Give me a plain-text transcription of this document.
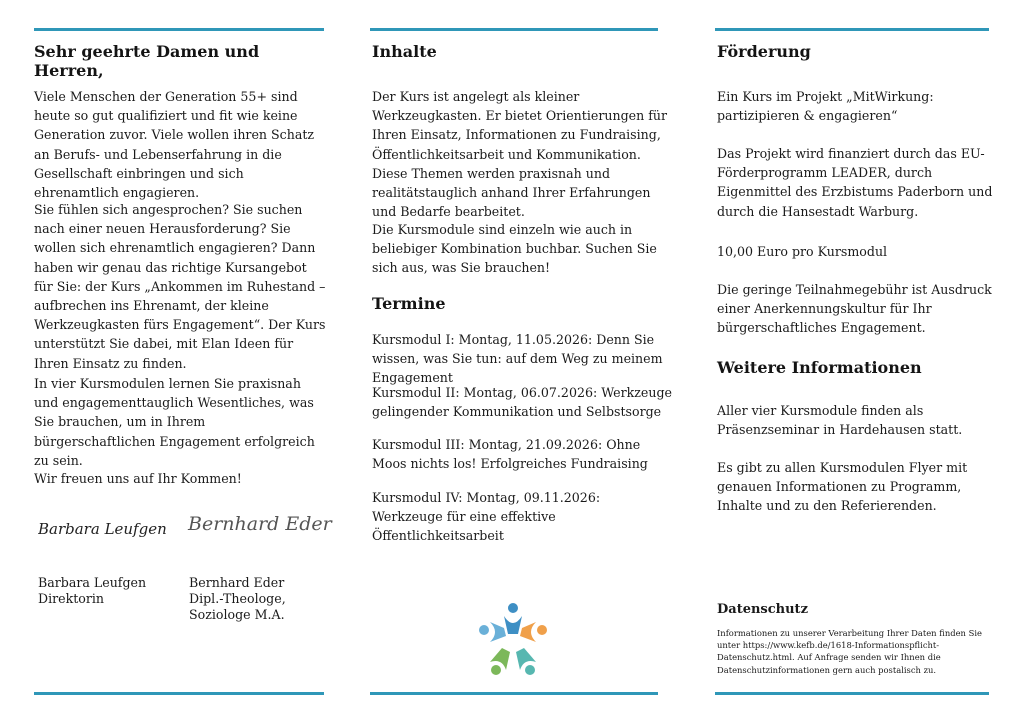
Sehr geehrte Damen und Herren,

Viele Menschen der Generation 55+ sind heute so gut qualifiziert und fit wie keine Generation zuvor. Viele wollen ihren Schatz an Berufs- und Lebenserfahrung in die Gesellschaft einbringen und sich ehrenamtlich engagieren.

Sie fühlen sich angesprochen? Sie suchen nach einer neuen Herausforderung? Sie wollen sich ehrenamtlich engagieren? Dann haben wir genau das richtige Kursangebot für Sie: der Kurs „Ankommen im Ruhestand – aufbrechen ins Ehrenamt, der kleine Werkzeugkasten fürs Engagement“. Der Kurs unterstützt Sie dabei, mit Elan Ideen für Ihren Einsatz zu finden.

In vier Kursmodulen lernen Sie praxisnah und engagementtauglich Wesentliches, was Sie brauchen, um in Ihrem bürgerschaftlichen Engagement erfolgreich zu sein.

Wir freuen uns auf Ihr Kommen!

Barbara Leufgen Bernhard Eder
Barbara Leufgen
Direktorin
Bernhard Eder
Dipl.-Theologe,
Soziologe M.A.
Inhalte

Der Kurs ist angelegt als kleiner Werkzeugkasten. Er bietet Orientierungen für Ihren Einsatz, Informationen zu Fundraising, Öffentlichkeitsarbeit und Kommunikation. Diese Themen werden praxisnah und realitätstauglich anhand Ihrer Erfahrungen und Bedarfe bearbeitet.

Die Kursmodule sind einzeln wie auch in beliebiger Kombination buchbar. Suchen Sie sich aus, was Sie brauchen!

Termine

Kursmodul I: Montag, 11.05.2026: Denn Sie wissen, was Sie tun: auf dem Weg zu meinem Engagement

Kursmodul II: Montag, 06.07.2026: Werkzeuge gelingender Kommunikation und Selbstsorge

Kursmodul III: Montag, 21.09.2026: Ohne Moos nichts los! Erfolgreiches Fundraising

Kursmodul IV: Montag, 09.11.2026: Werkzeuge für eine effektive Öffentlichkeitsarbeit

Förderung

Ein Kurs im Projekt „MitWirkung: partizipieren & engagieren“

Das Projekt wird finanziert durch das EU-Förderprogramm LEADER, durch Eigenmittel des Erzbistums Paderborn und durch die Hansestadt Warburg.

10,00 Euro pro Kursmodul

Die geringe Teilnahmegebühr ist Ausdruck einer Anerkennungskultur für Ihr bürgerschaftliches Engagement.

Weitere Informationen

Aller vier Kursmodule finden als Präsenzseminar in Hardehausen statt.

Es gibt zu allen Kursmodulen Flyer mit genauen Informationen zu Programm, Inhalte und zu den Referierenden.

Datenschutz

Informationen zu unserer Verarbeitung Ihrer Daten finden Sie unter https://www.kefb.de/1618-Informationspflicht-Datenschutz.html. Auf Anfrage senden wir Ihnen die Datenschutzinformationen gern auch postalisch zu.
